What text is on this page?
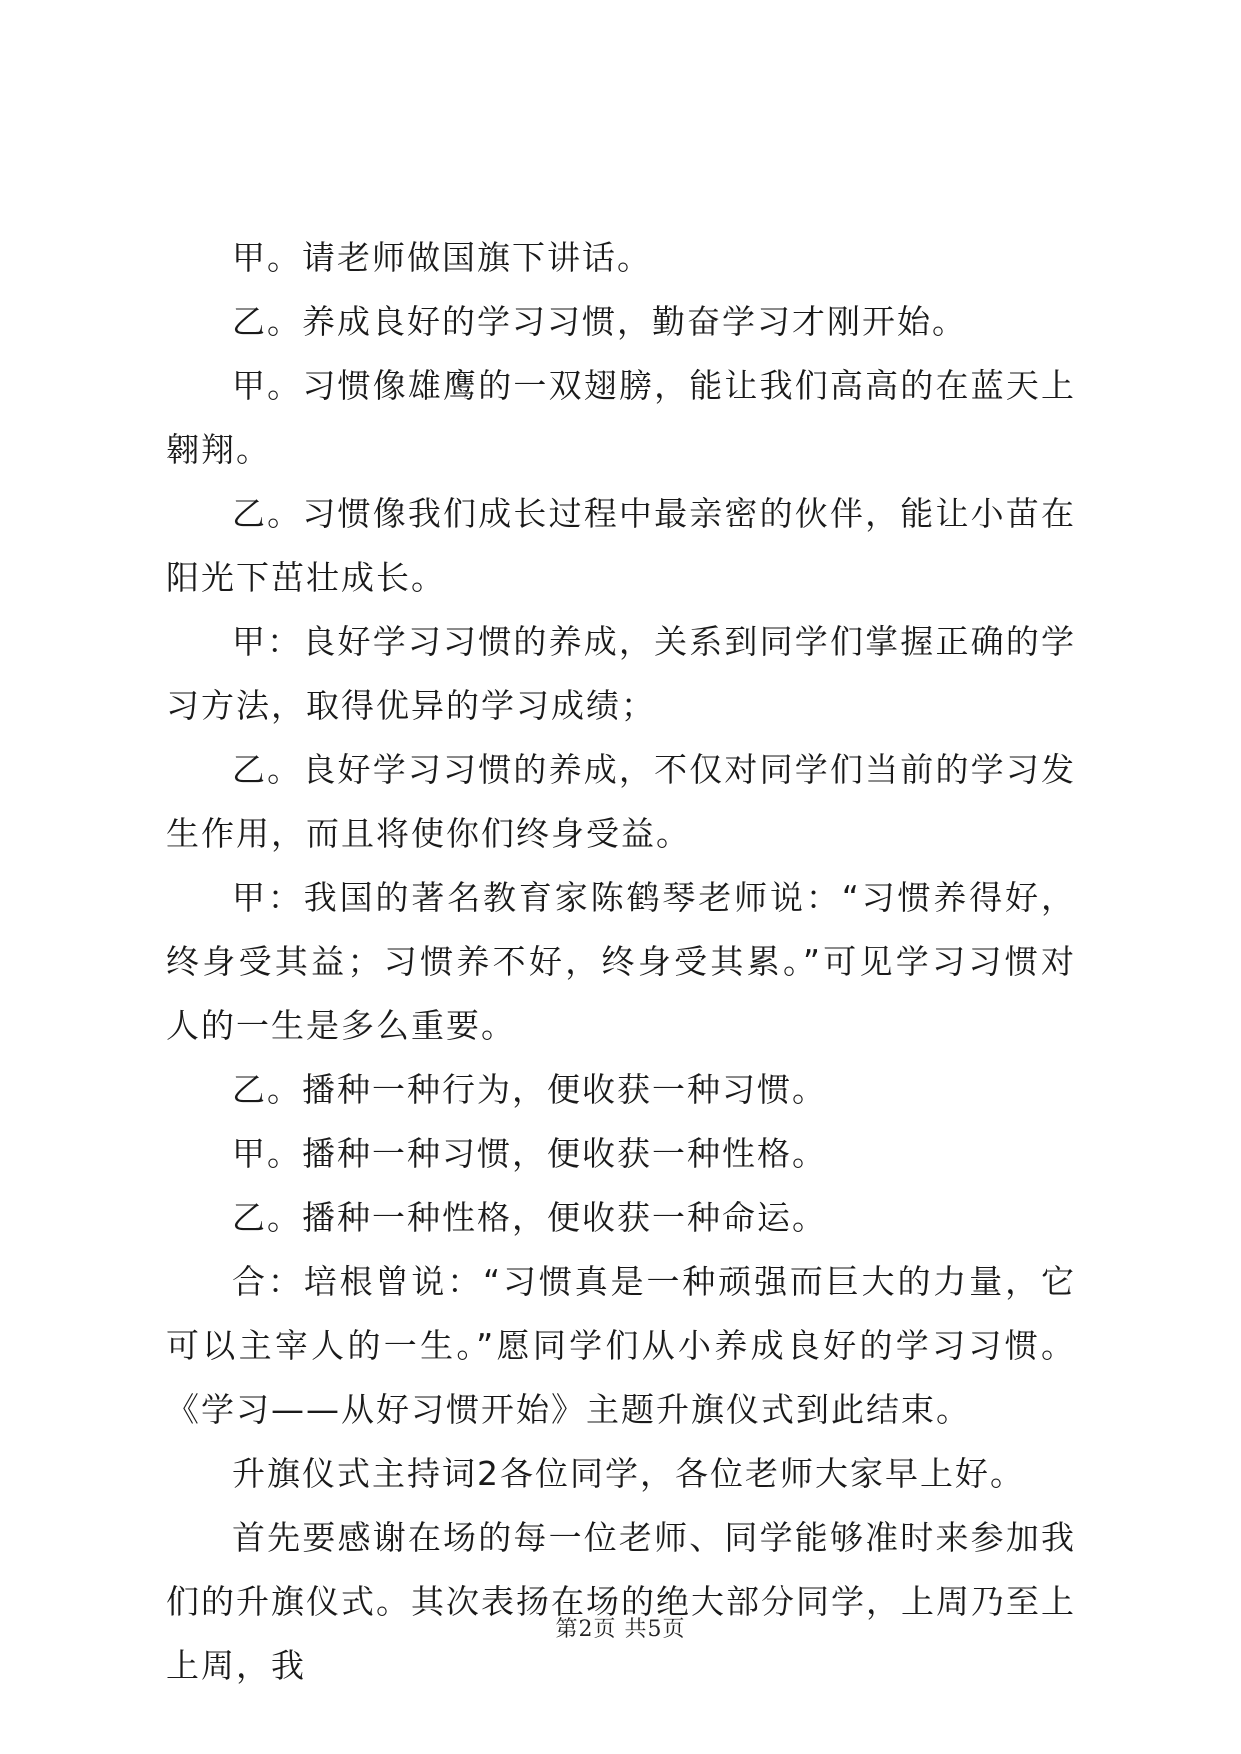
甲。请老师做国旗下讲话。

乙。养成良好的学习习惯，勤奋学习才刚开始。

甲。习惯像雄鹰的一双翅膀，能让我们高高的在蓝天上翱翔。

乙。习惯像我们成长过程中最亲密的伙伴，能让小苗在阳光下茁壮成长。

甲：良好学习习惯的养成，关系到同学们掌握正确的学习方法，取得优异的学习成绩；

乙。良好学习习惯的养成，不仅对同学们当前的学习发生作用，而且将使你们终身受益。

甲：我国的著名教育家陈鹤琴老师说：“习惯养得好，终身受其益；习惯养不好，终身受其累。”可见学习习惯对人的一生是多么重要。

乙。播种一种行为，便收获一种习惯。

甲。播种一种习惯，便收获一种性格。

乙。播种一种性格，便收获一种命运。

合：培根曾说：“习惯真是一种顽强而巨大的力量，它可以主宰人的一生。”愿同学们从小养成良好的学习习惯。《学习——从好习惯开始》主题升旗仪式到此结束。

升旗仪式主持词2各位同学，各位老师大家早上好。

首先要感谢在场的每一位老师、同学能够准时来参加我们的升旗仪式。其次表扬在场的绝大部分同学，上周乃至上上周，我

第2页 共5页
